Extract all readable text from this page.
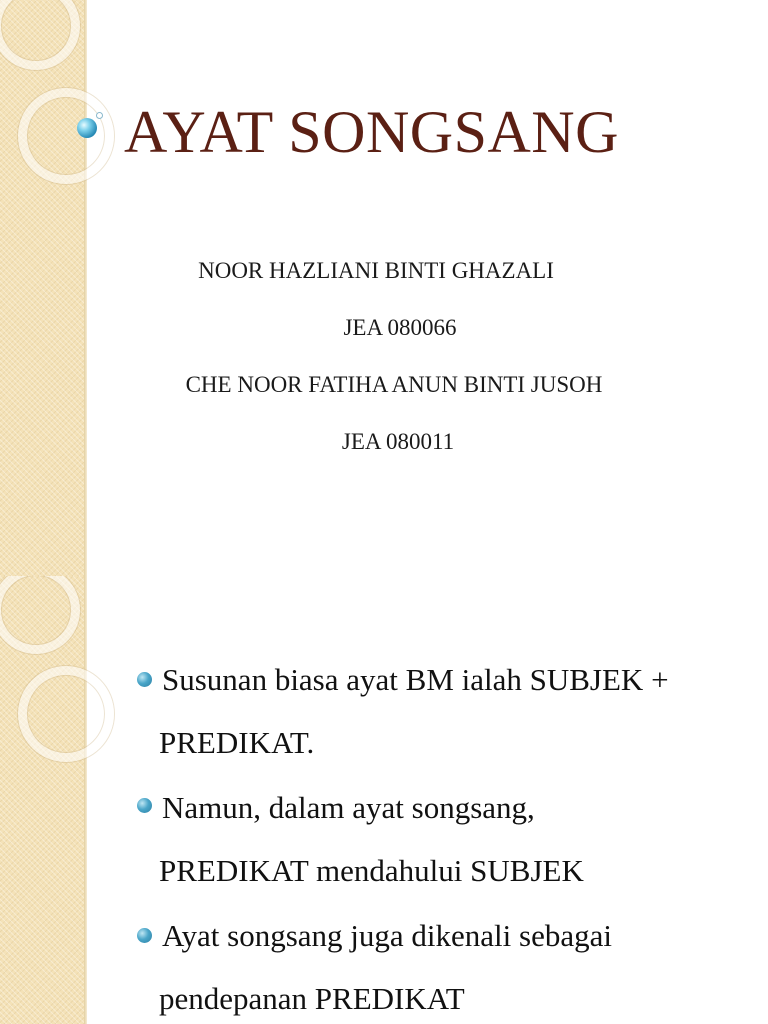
AYAT SONGSANG
NOOR HAZLIANI BINTI GHAZALI
JEA 080066
CHE NOOR FATIHA ANUN BINTI JUSOH
JEA 080011
Susunan biasa ayat BM ialah SUBJEK +
PREDIKAT.
Namun, dalam ayat songsang,
PREDIKAT mendahului SUBJEK
Ayat songsang juga dikenali sebagai
pendepanan PREDIKAT
